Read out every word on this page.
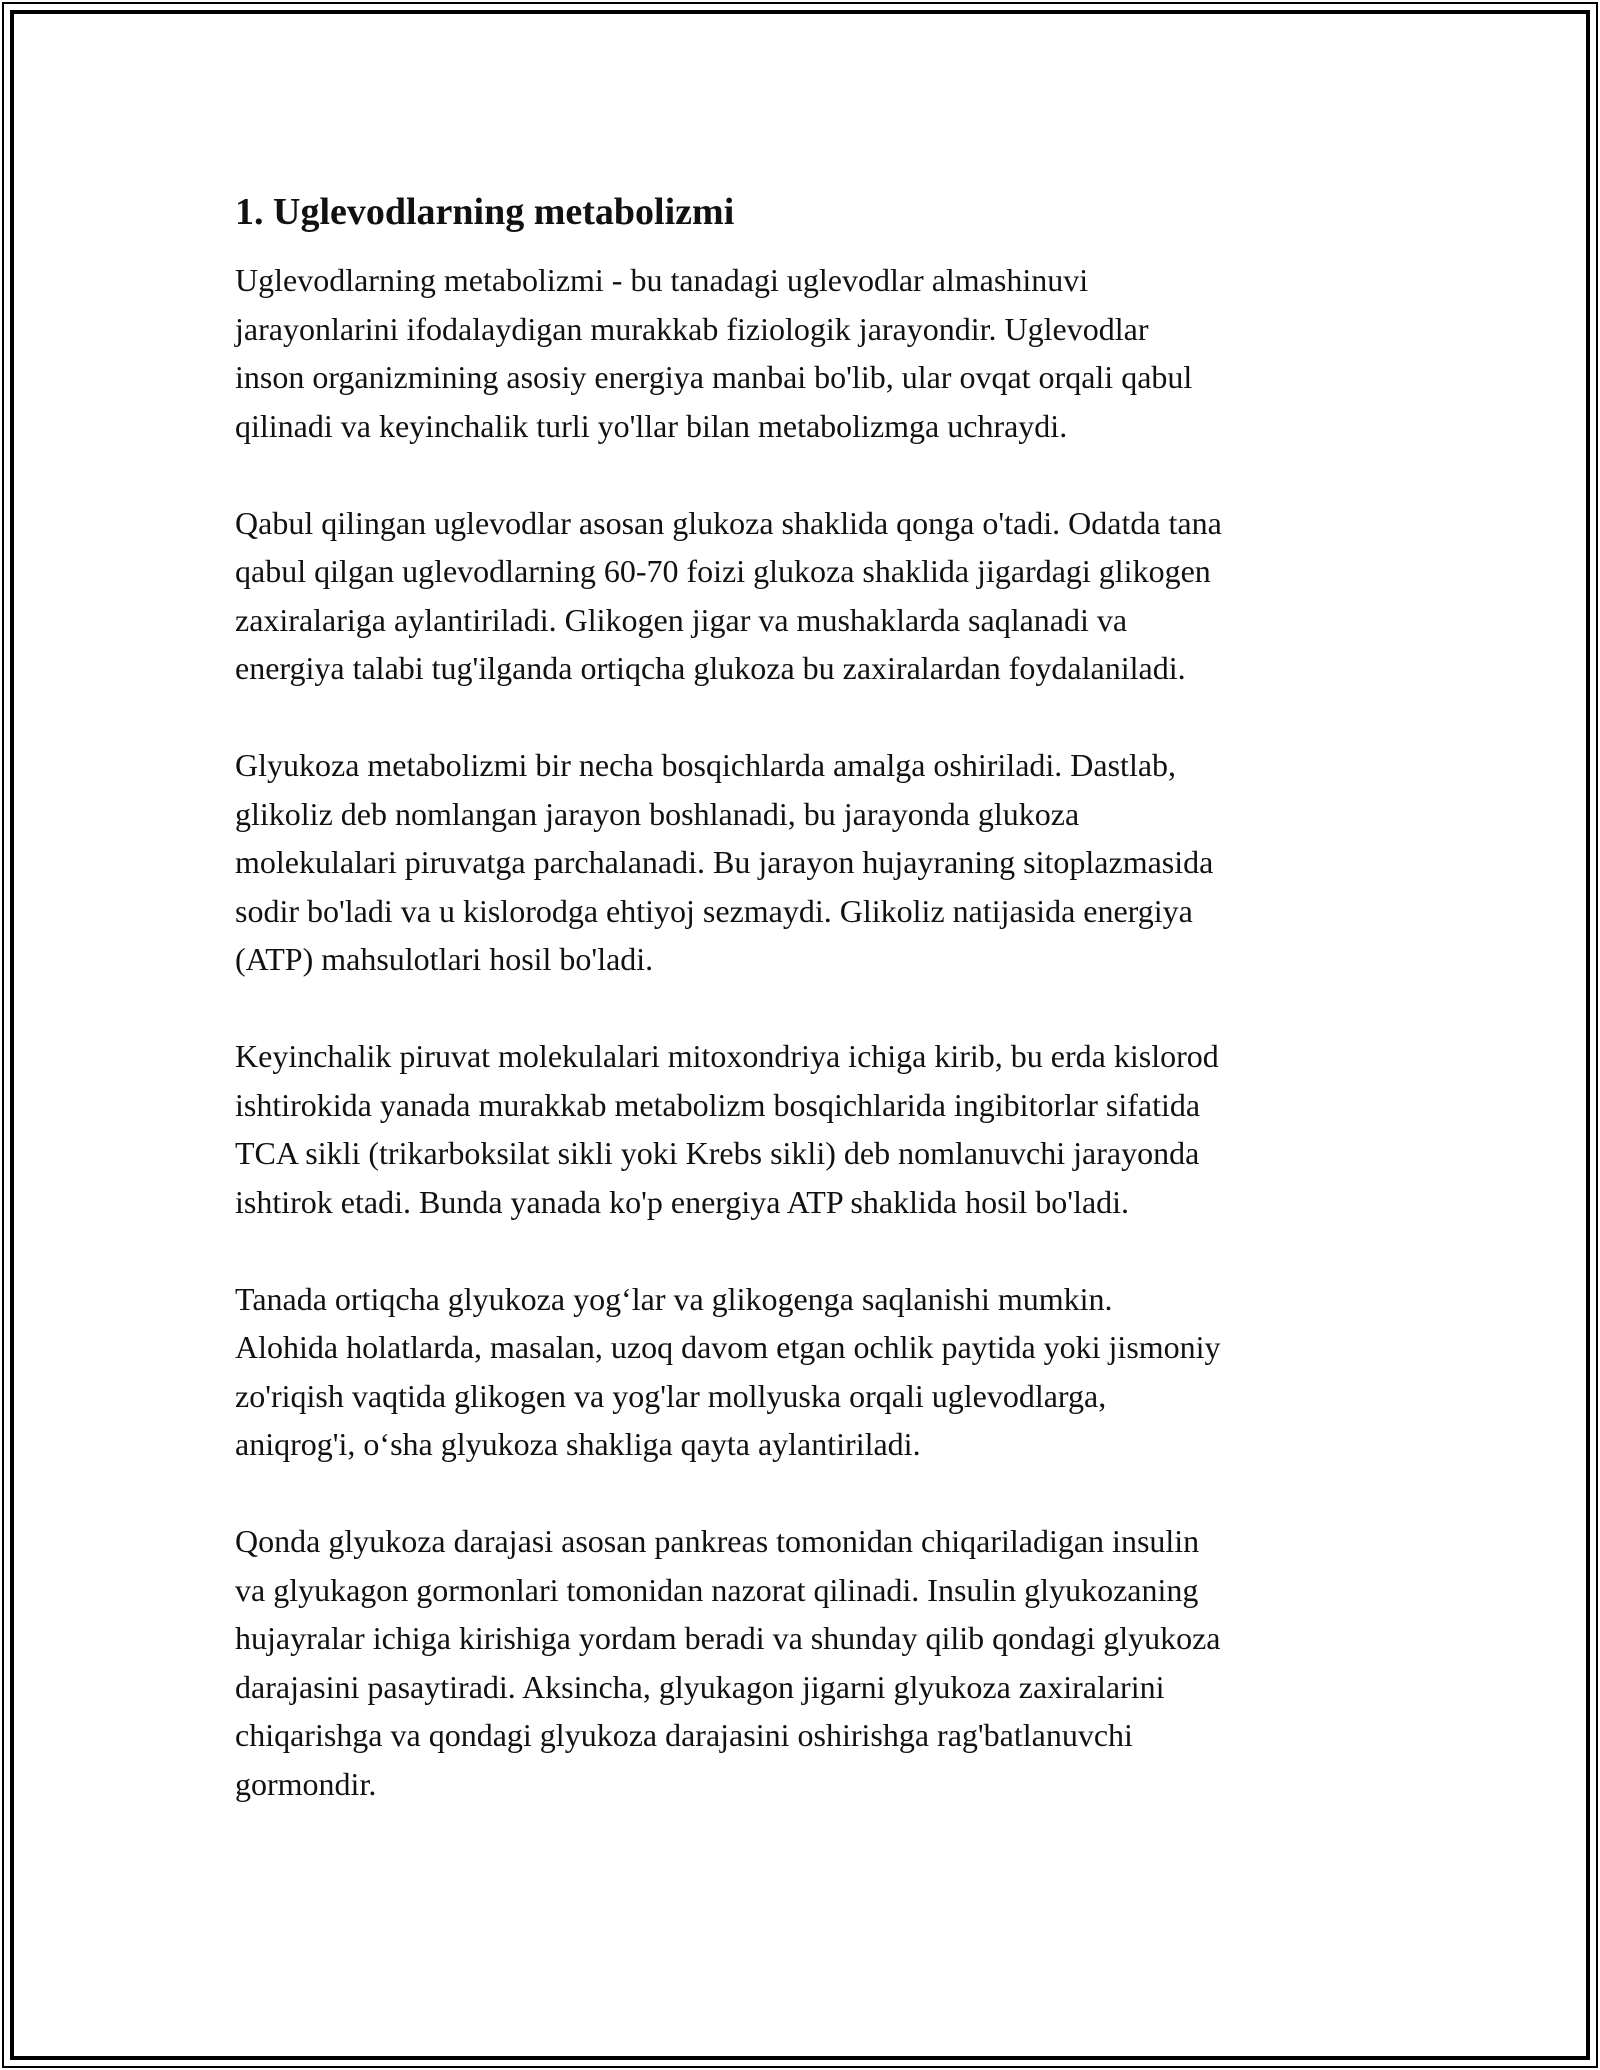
1. Uglevodlarning metabolizmi

Uglevodlarning metabolizmi - bu tanadagi uglevodlar almashinuvi
jarayonlarini ifodalaydigan murakkab fiziologik jarayondir. Uglevodlar
inson organizmining asosiy energiya manbai bo'lib, ular ovqat orqali qabul
qilinadi va keyinchalik turli yo'llar bilan metabolizmga uchraydi.

Qabul qilingan uglevodlar asosan glukoza shaklida qonga o'tadi. Odatda tana
qabul qilgan uglevodlarning 60-70 foizi glukoza shaklida jigardagi glikogen
zaxiralariga aylantiriladi. Glikogen jigar va mushaklarda saqlanadi va
energiya talabi tug'ilganda ortiqcha glukoza bu zaxiralardan foydalaniladi.

Glyukoza metabolizmi bir necha bosqichlarda amalga oshiriladi. Dastlab,
glikoliz deb nomlangan jarayon boshlanadi, bu jarayonda glukoza
molekulalari piruvatga parchalanadi. Bu jarayon hujayraning sitoplazmasida
sodir bo'ladi va u kislorodga ehtiyoj sezmaydi. Glikoliz natijasida energiya
(ATP) mahsulotlari hosil bo'ladi.

Keyinchalik piruvat molekulalari mitoxondriya ichiga kirib, bu erda kislorod
ishtirokida yanada murakkab metabolizm bosqichlarida ingibitorlar sifatida
TCA sikli (trikarboksilat sikli yoki Krebs sikli) deb nomlanuvchi jarayonda
ishtirok etadi. Bunda yanada ko'p energiya ATP shaklida hosil bo'ladi.

Tanada ortiqcha glyukoza yog‘lar va glikogenga saqlanishi mumkin.
Alohida holatlarda, masalan, uzoq davom etgan ochlik paytida yoki jismoniy
zo'riqish vaqtida glikogen va yog'lar mollyuska orqali uglevodlarga,
aniqrog'i, o‘sha glyukoza shakliga qayta aylantiriladi.

Qonda glyukoza darajasi asosan pankreas tomonidan chiqariladigan insulin
va glyukagon gormonlari tomonidan nazorat qilinadi. Insulin glyukozaning
hujayralar ichiga kirishiga yordam beradi va shunday qilib qondagi glyukoza
darajasini pasaytiradi. Aksincha, glyukagon jigarni glyukoza zaxiralarini
chiqarishga va qondagi glyukoza darajasini oshirishga rag'batlanuvchi
gormondir.
